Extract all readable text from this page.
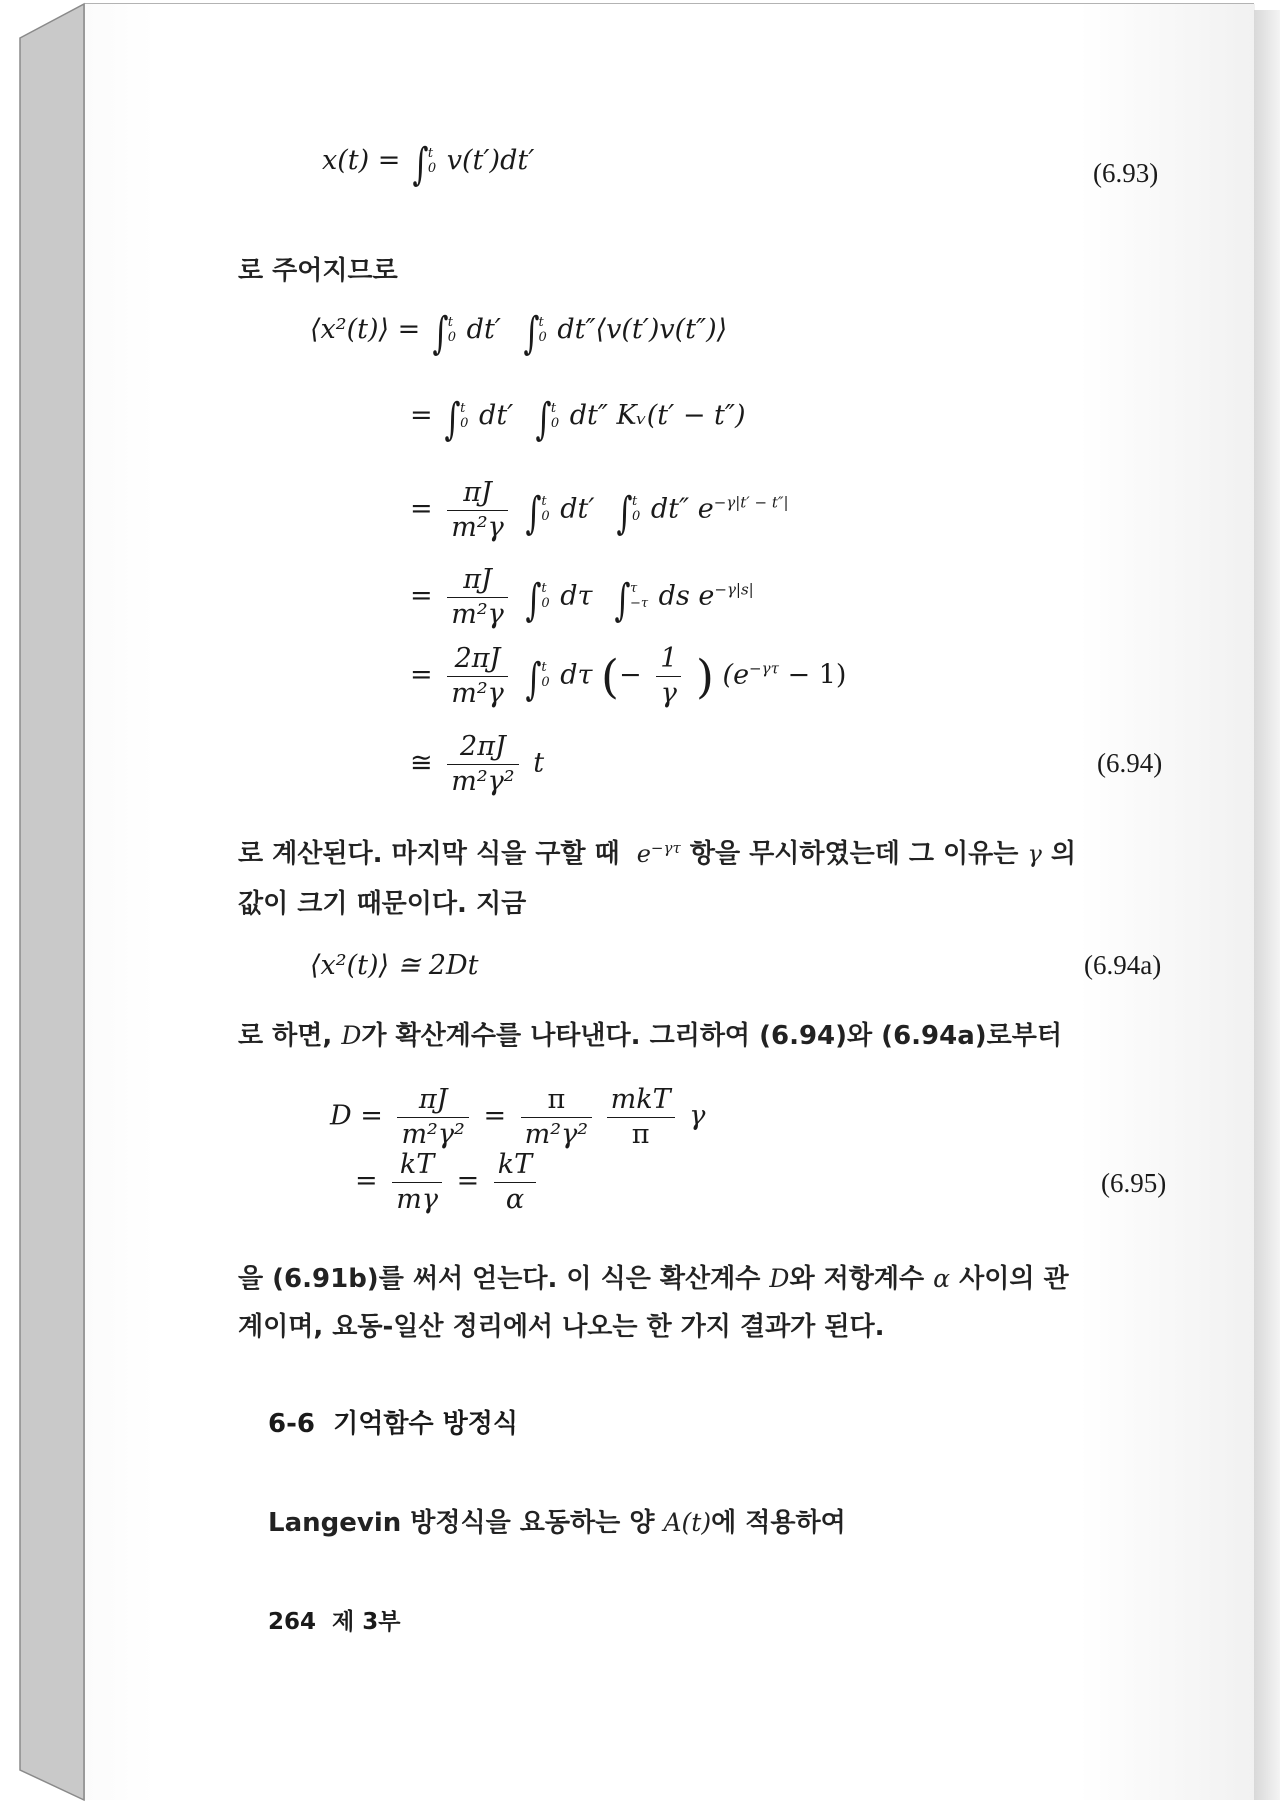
x(t) = ∫ t
0 v(t′)dt′	(6.93)
로 주어지므로
⟨x²(t)⟩ = ∫ t
0 dt′ ∫ t
0 dt″⟨v(t′)v(t″)⟩
= ∫ t
0 dt′ ∫ t
0 dt″ Kᵥ(t′ − t″)
= $\frac{\pi J}{\text{m²γ}}$ ∫ t
0 dt′ ∫ t
0 dt″ $e^{-\gamma|t' - t''|}$
= $\frac{\pi J}{\text{m²γ}}$ ∫ t
0 dτ ∫ τ
−τ ds $e^{-\gamma|s|}$
= $\frac{2\pi J}{\text{m²γ}}$ ∫ t
0 dτ (− $\frac{1}{\gamma}$ ) $(e^{-\gamma\tau} - 1)$
≅ $\frac{2\pi J}{\text{m²γ²}}$ t	(6.94)
로 계산된다. 마지막 식을 구할 때 $e^{-\gamma\tau}$ 항을 무시하였는데 그 이유는 γ 의
값이 크기 때문이다. 지금
⟨x²(t)⟩ ≅ 2Dt	(6.94a)
로 하면, D가 확산계수를 나타낸다. 그리하여 (6.94)와 (6.94a)로부터
$D = \frac{\pi J}{\text{m²γ²}} = \frac{\pi}{\text{m²γ²}}$
$\frac{\text{mkT}}{\pi}$ γ
= $\frac{kT}{m\gamma} = \frac{kT}{\alpha}$	(6.95)
을 (6.91b)를 써서 얻는다. 이 식은 확산계수 D와 저항계수 α 사이의 관
계이며, 요동-일산 정리에서 나오는 한 가지 결과가 된다.
6-6 기억함수 방정식
Langevin 방정식을 요동하는 양 A(t)에 적용하여
264 제 3부
